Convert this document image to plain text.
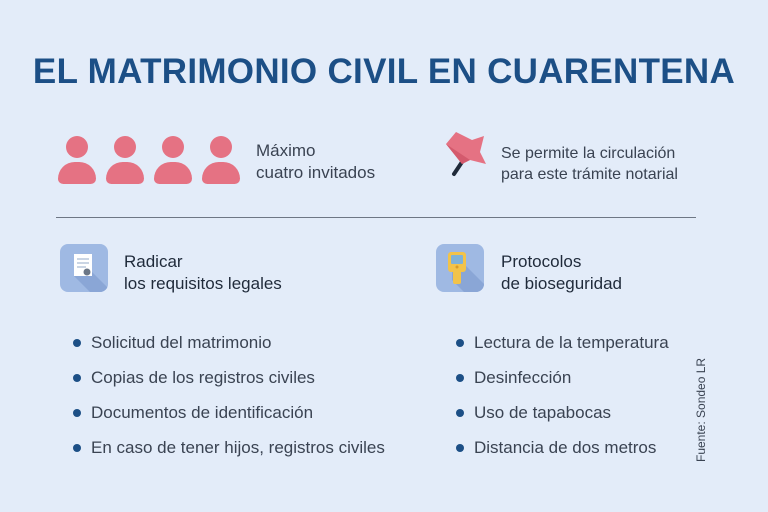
EL MATRIMONIO CIVIL EN CUARENTENA
Máximo
cuatro invitados
Se permite la circulación
para este trámite notarial
Radicar
los requisitos legales
Protocolos
de bioseguridad
Solicitud del matrimonio
Copias de los registros civiles
Documentos de identificación
En caso de tener hijos, registros civiles
Lectura de la temperatura
Desinfección
Uso de tapabocas
Distancia de dos metros	Fuente: Sondeo LR
